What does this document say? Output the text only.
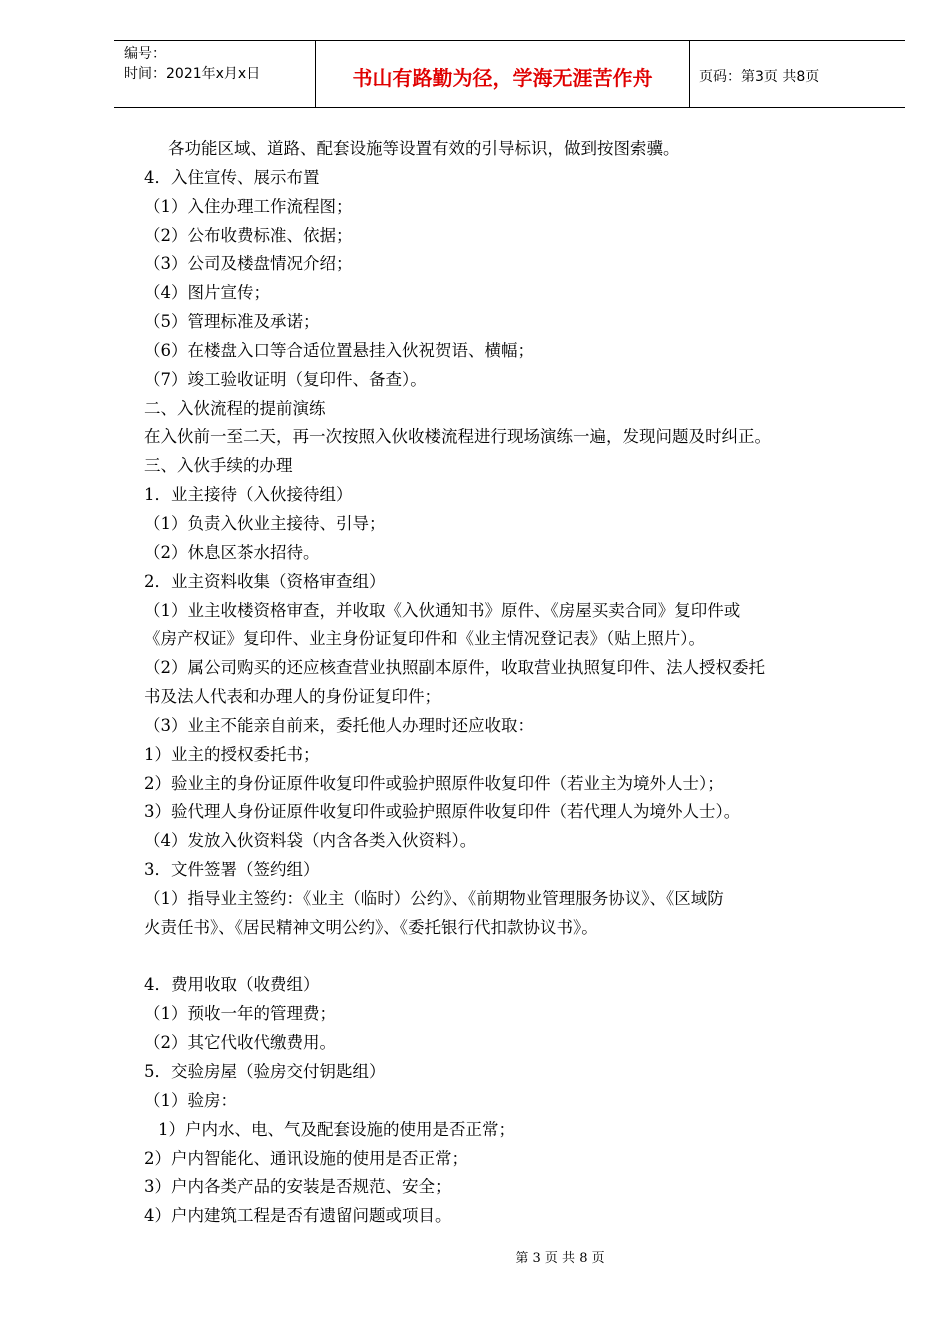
编号：
时间：2021年x月x日	书山有路勤为径，学海无涯苦作舟	页码：第3页 共8页
各功能区域、道路、配套设施等设置有效的引导标识，做到按图索骥。
4．入住宣传、展示布置
（1）入住办理工作流程图；
（2）公布收费标准、依据；
（3）公司及楼盘情况介绍；
（4）图片宣传；
（5）管理标准及承诺；
（6）在楼盘入口等合适位置悬挂入伙祝贺语、横幅；
（7）竣工验收证明（复印件、备查）。
二、入伙流程的提前演练
在入伙前一至二天，再一次按照入伙收楼流程进行现场演练一遍，发现问题及时纠正。
三、入伙手续的办理
1．业主接待（入伙接待组）
（1）负责入伙业主接待、引导；
（2）休息区茶水招待。
2．业主资料收集（资格审查组）
（1）业主收楼资格审查，并收取《入伙通知书》原件、《房屋买卖合同》复印件或
《房产权证》复印件、业主身份证复印件和《业主情况登记表》（贴上照片）。
（2）属公司购买的还应核查营业执照副本原件，收取营业执照复印件、法人授权委托
书及法人代表和办理人的身份证复印件；
（3）业主不能亲自前来，委托他人办理时还应收取：
1）业主的授权委托书；
2）验业主的身份证原件收复印件或验护照原件收复印件（若业主为境外人士）；
3）验代理人身份证原件收复印件或验护照原件收复印件（若代理人为境外人士）。
（4）发放入伙资料袋（内含各类入伙资料）。
3．文件签署（签约组）
（1）指导业主签约：《业主（临时）公约》、《前期物业管理服务协议》、《区域防
火责任书》、《居民精神文明公约》、《委托银行代扣款协议书》。

4．费用收取（收费组）
（1）预收一年的管理费；
（2）其它代收代缴费用。
5．交验房屋（验房交付钥匙组）
（1）验房：
1）户内水、电、气及配套设施的使用是否正常；
2）户内智能化、通讯设施的使用是否正常；
3）户内各类产品的安装是否规范、安全；
4）户内建筑工程是否有遗留问题或项目。
第 3 页 共 8 页
